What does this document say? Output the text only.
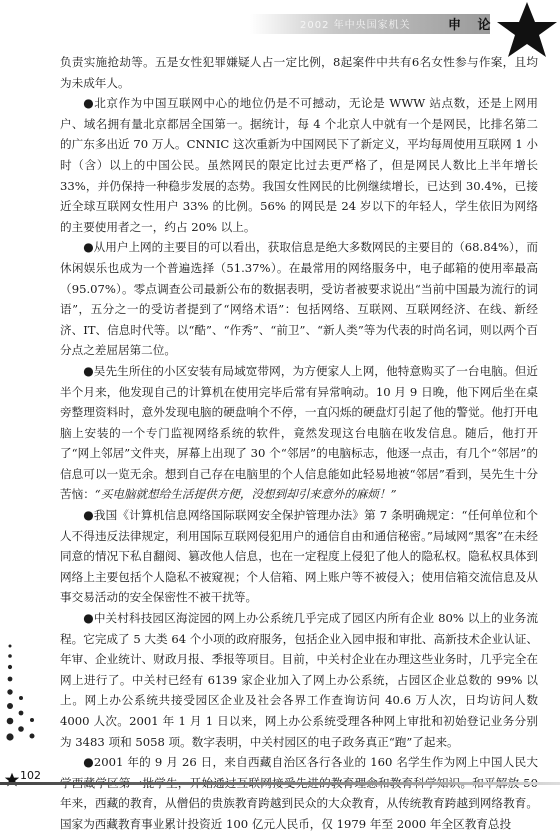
2002 年中央国家机关	申 论

负责实施抢劫等。五是女性犯罪嫌疑人占一定比例，8起案件中共有6名女性参与作案，且均为未成年人。

●北京作为中国互联网中心的地位仍是不可撼动，无论是 WWW 站点数，还是上网用户、域名拥有量北京都居全国第一。据统计，每 4 个北京人中就有一个是网民，比排名第二的广东多出近 70 万人。CNNIC 这次重新为中国网民下了新定义，平均每周使用互联网 1 小时（含）以上的中国公民。虽然网民的限定比过去更严格了，但是网民人数比上半年增长 33%，并仍保持一种稳步发展的态势。我国女性网民的比例继续增长，已达到 30.4%，已接近全球互联网女性用户 33% 的比例。56% 的网民是 24 岁以下的年轻人，学生依旧为网络的主要使用者之一，约占 20% 以上。

●从用户上网的主要目的可以看出，获取信息是绝大多数网民的主要目的（68.84%），而休闲娱乐也成为一个普遍选择（51.37%）。在最常用的网络服务中，电子邮箱的使用率最高（95.07%）。零点调查公司最新公布的数据表明，受访者被要求说出“当前中国最为流行的词语”，五分之一的受访者提到了“网络术语”：包括网络、互联网、互联网经济、在线、新经济、IT、信息时代等。以“酷”、“作秀”、“前卫”、“新人类”等为代表的时尚名词，则以两个百分点之差屈居第二位。

●吴先生所住的小区安装有局域宽带网，为方便家人上网，他特意购买了一台电脑。但近半个月来，他发现自己的计算机在使用完毕后常有异常响动。10 月 9 日晚，他下网后坐在桌旁整理资料时，意外发现电脑的硬盘响个不停，一直闪烁的硬盘灯引起了他的警觉。他打开电脑上安装的一个专门监视网络系统的软件，竟然发现这台电脑在收发信息。随后，他打开了“网上邻居”文件夹，屏幕上出现了 30 个“邻居”的电脑标志，他逐一点击，有几个“邻居”的信息可以一览无余。想到自己存在电脑里的个人信息能如此轻易地被“邻居”看到，吴先生十分苦恼：“买电脑就想给生活提供方便，没想到却引来意外的麻烦！”

●我国《计算机信息网络国际联网安全保护管理办法》第 7 条明确规定：“任何单位和个人不得违反法律规定，利用国际互联网侵犯用户的通信自由和通信秘密。”局域网“黑客”在未经同意的情况下私自翻阅、篡改他人信息，也在一定程度上侵犯了他人的隐私权。隐私权具体到网络上主要包括个人隐私不被窥视；个人信箱、网上账户等不被侵入；使用信箱交流信息及从事交易活动的安全保密性不被干扰等。

●中关村科技园区海淀园的网上办公系统几乎完成了园区内所有企业 80% 以上的业务流程。它完成了 5 大类 64 个小项的政府服务，包括企业入园申报和审批、高新技术企业认证、年审、企业统计、财政月报、季报等项目。目前，中关村企业在办理这些业务时，几乎完全在网上进行了。中关村已经有 6139 家企业加入了网上办公系统，占园区企业总数的 99% 以上。网上办公系统共接受园区企业及社会各界工作查询访问 40.6 万人次，日均访问人数 4000 人次。2001 年 1 月 1 日以来，网上办公系统受理各种网上审批和初始登记业务分别为 3483 项和 5058 项。数字表明，中关村园区的电子政务真正“跑”了起来。

●2001 年的 9 月 26 日，来自西藏自治区各行各业的 160 名学生作为网上中国人民大 年来，西藏的教育，从僧侣的贵族教育跨越到民众的大众教育，从传统教育跨越到网络教育。国家为西藏教育事业累计投资近 100 亿元人民币，仅 1979 年至 2000 年全区教育总投

102
